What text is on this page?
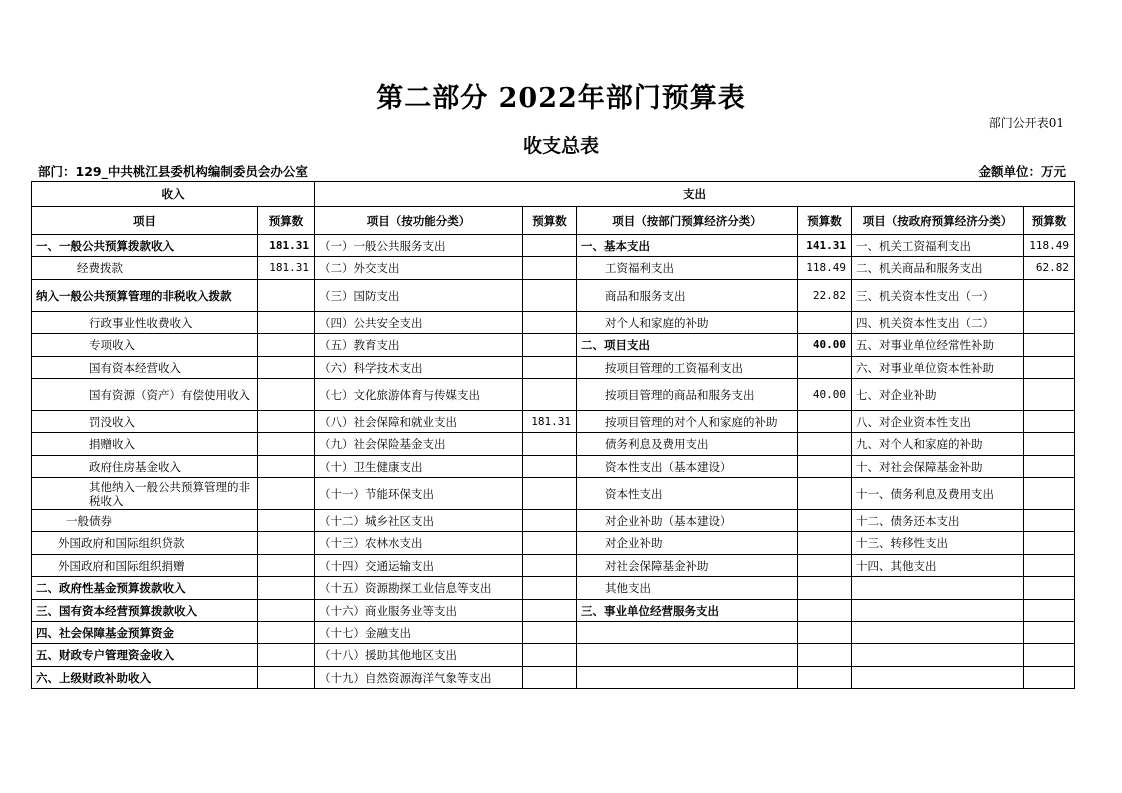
第二部分 2022年部门预算表
部门公开表01
收支总表
部门：129_中共桃江县委机构编制委员会办公室	金额单位：万元
收入		支出					
项目	预算数	项目（按功能分类）	预算数	项目（按部门预算经济分类）	预算数	项目（按政府预算经济分类）	预算数
一、一般公共预算拨款收入	181.31	（一）一般公共服务支出		一、基本支出	141.31	一、机关工资福利支出	118.49
经费拨款	181.31	（二）外交支出		工资福利支出	118.49	二、机关商品和服务支出	62.82
纳入一般公共预算管理的非税收入拨款		（三）国防支出		商品和服务支出	22.82	三、机关资本性支出（一）	
行政事业性收费收入		（四）公共安全支出		对个人和家庭的补助		四、机关资本性支出（二）	
专项收入		（五）教育支出		二、项目支出	40.00	五、对事业单位经常性补助	
国有资本经营收入		（六）科学技术支出		按项目管理的工资福利支出		六、对事业单位资本性补助	
国有资源（资产）有偿使用收入		（七）文化旅游体育与传媒支出		按项目管理的商品和服务支出	40.00	七、对企业补助	
罚没收入		（八）社会保障和就业支出	181.31	按项目管理的对个人和家庭的补助		八、对企业资本性支出	
捐赠收入		（九）社会保险基金支出		债务利息及费用支出		九、对个人和家庭的补助	
政府住房基金收入		（十）卫生健康支出		资本性支出（基本建设）		十、对社会保障基金补助	
其他纳入一般公共预算管理的非税收入		（十一）节能环保支出		资本性支出		十一、债务利息及费用支出	
一般债券		（十二）城乡社区支出		对企业补助（基本建设）		十二、债务还本支出	
外国政府和国际组织贷款		（十三）农林水支出		对企业补助		十三、转移性支出	
外国政府和国际组织捐赠		（十四）交通运输支出		对社会保障基金补助		十四、其他支出	
二、政府性基金预算拨款收入		（十五）资源勘探工业信息等支出		其他支出			
三、国有资本经营预算拨款收入		（十六）商业服务业等支出		三、事业单位经营服务支出			
四、社会保障基金预算资金		（十七）金融支出					
五、财政专户管理资金收入		（十八）援助其他地区支出					
六、上级财政补助收入		（十九）自然资源海洋气象等支出					
